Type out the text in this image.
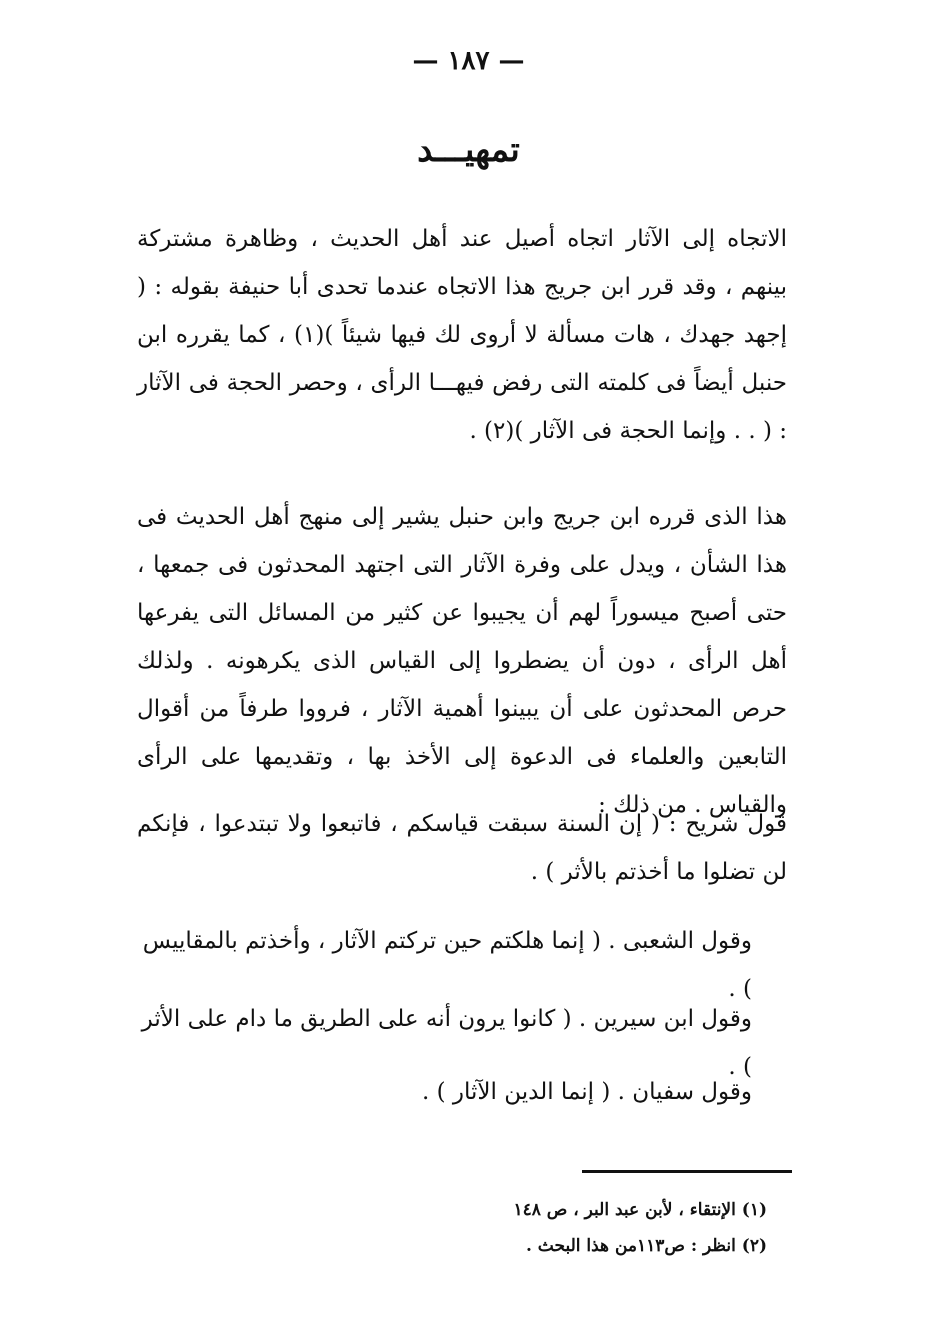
— ١٨٧ —
تمهيـــد

الاتجاه إلى الآثار اتجاه أصيل عند أهل الحديث ، وظاهرة مشتركة بينهم ، وقد قرر ابن جريج هذا الاتجاه عندما تحدى أبا حنيفة بقوله : ( إجهد جهدك ، هات مسألة لا أروى لك فيها شيئاً )(١) ، كما يقرره ابن حنبل أيضاً فى كلمته التى رفض فيهـــا الرأى ، وحصر الحجة فى الآثار : ( . . وإنما الحجة فى الآثار )(٢) .

هذا الذى قرره ابن جريج وابن حنبل يشير إلى منهج أهل الحديث فى هذا الشأن ، ويدل على وفرة الآثار التى اجتهد المحدثون فى جمعها ، حتى أصبح ميسوراً لهم أن يجيبوا عن كثير من المسائل التى يفرعها أهل الرأى ، دون أن يضطروا إلى القياس الذى يكرهونه . ولذلك حرص المحدثون على أن يبينوا أهمية الآثار ، فرووا طرفاً من أقوال التابعين والعلماء فى الدعوة إلى الأخذ بها ، وتقديمها على الرأى والقياس . من ذلك :

قول شريح : ( إن السنة سبقت قياسكم ، فاتبعوا ولا تبتدعوا ، فإنكم لن تضلوا ما أخذتم بالأثر ) .

وقول الشعبى . ( إنما هلكتم حين تركتم الآثار ، وأخذتم بالمقاييس ) .

وقول ابن سيرين . ( كانوا يرون أنه على الطريق ما دام على الأثر ) .

وقول سفيان . ( إنما الدين الآثار ) .

(١) الإنتقاء ، لأبن عبد البر ، ص ١٤٨

(٢) انظر : ص١١٣من هذا البحث .
